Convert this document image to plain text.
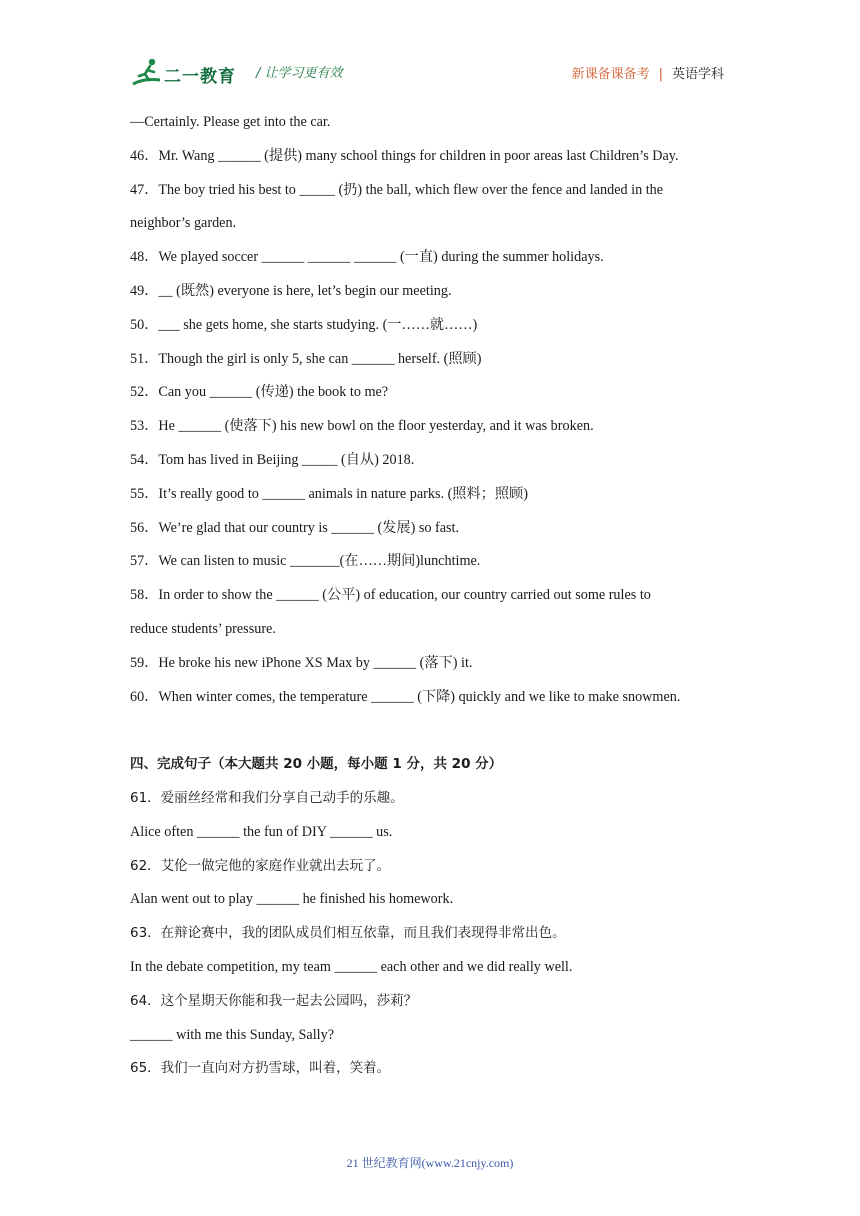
二一教育 / 让学习更有效	新课备课备考 | 英语学科
—Certainly. Please get into the car.
46．Mr. Wang ______ (提供) many school things for children in poor areas last Children’s Day.
47．The boy tried his best to _____ (扔) the ball, which flew over the fence and landed in the
neighbor’s garden.
48．We played soccer ______ ______ ______ (一直) during the summer holidays.
49．__ (既然) everyone is here, let’s begin our meeting.
50．___ she gets home, she starts studying. (一……就……)
51．Though the girl is only 5, she can ______ herself. (照顾)
52．Can you ______ (传递) the book to me?
53．He ______ (使落下) his new bowl on the floor yesterday, and it was broken.
54．Tom has lived in Beijing _____ (自从) 2018.
55．It’s really good to ______ animals in nature parks. (照料；照顾)
56．We’re glad that our country is ______ (发展) so fast.
57．We can listen to music _______(在……期间)lunchtime.
58．In order to show the ______ (公平) of education, our country carried out some rules to
reduce students’ pressure.
59．He broke his new iPhone XS Max by ______ (落下) it.
60．When winter comes, the temperature ______ (下降) quickly and we like to make snowmen.
四、完成句子（本大题共 20 小题，每小题 1 分，共 20 分）
61．爱丽丝经常和我们分享自己动手的乐趣。
Alice often ______ the fun of DIY ______ us.
62．艾伦一做完他的家庭作业就出去玩了。
Alan went out to play ______ he finished his homework.
63．在辩论赛中，我的团队成员们相互依靠，而且我们表现得非常出色。
In the debate competition, my team ______ each other and we did really well.
64．这个星期天你能和我一起去公园吗，莎莉？
______ with me this Sunday, Sally?
65．我们一直向对方扔雪球，叫着，笑着。
21 世纪教育网(www.21cnjy.com)
